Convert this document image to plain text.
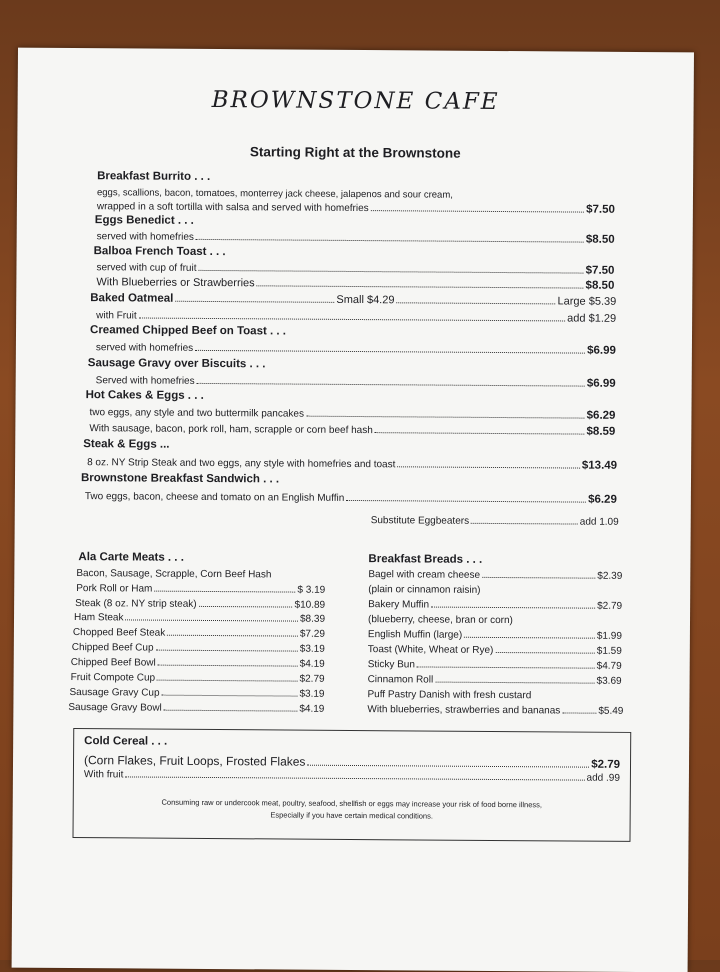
BROWNSTONE CAFE
Starting Right at the Brownstone
Breakfast Burrito . . .
eggs, scallions, bacon, tomatoes, monterrey jack cheese, jalapenos and sour cream,
wrapped in a soft tortilla with salsa and served with homefries	$7.50
Eggs Benedict . . .
served with homefries	$8.50
Balboa French Toast . . .
served with cup of fruit	$7.50
With Blueberries or Strawberries	$8.50
Baked Oatmeal	Small $4.29	Large $5.39
with Fruit	add $1.29
Creamed Chipped Beef on Toast . . .
served with homefries	$6.99
Sausage Gravy over Biscuits . . .
Served with homefries	$6.99
Hot Cakes & Eggs . . .
two eggs, any style and two buttermilk pancakes	$6.29
With sausage, bacon, pork roll, ham, scrapple or corn beef hash	$8.59
Steak & Eggs ...
8 oz. NY Strip Steak and two eggs, any style with homefries and toast	$13.49
Brownstone Breakfast Sandwich . . .
Two eggs, bacon, cheese and tomato on an English Muffin	$6.29
Substitute Eggbeaters	add 1.09
Ala Carte Meats . . .
Bacon, Sausage, Scrapple, Corn Beef Hash
Pork Roll or Ham	$ 3.19
Steak (8 oz. NY strip steak)	$10.89
Ham Steak	$8.39
Chopped Beef Steak	$7.29
Chipped Beef Cup	$3.19
Chipped Beef Bowl	$4.19
Fruit Compote Cup	$2.79
Sausage Gravy Cup	$3.19
Sausage Gravy Bowl	$4.19
Breakfast Breads . . .
Bagel with cream cheese	$2.39
(plain or cinnamon raisin)
Bakery Muffin	$2.79
(blueberry, cheese, bran or corn)
English Muffin (large)	$1.99
Toast (White, Wheat or Rye)	$1.59
Sticky Bun	$4.79
Cinnamon Roll	$3.69
Puff Pastry Danish with fresh custard
With blueberries, strawberries and bananas	$5.49
Cold Cereal . . .
(Corn Flakes, Fruit Loops, Frosted Flakes	$2.79
With fruit	add .99
Consuming raw or undercook meat, poultry, seafood, shellfish or eggs may increase your risk of food borne illness,
Especially if you have certain medical conditions.
